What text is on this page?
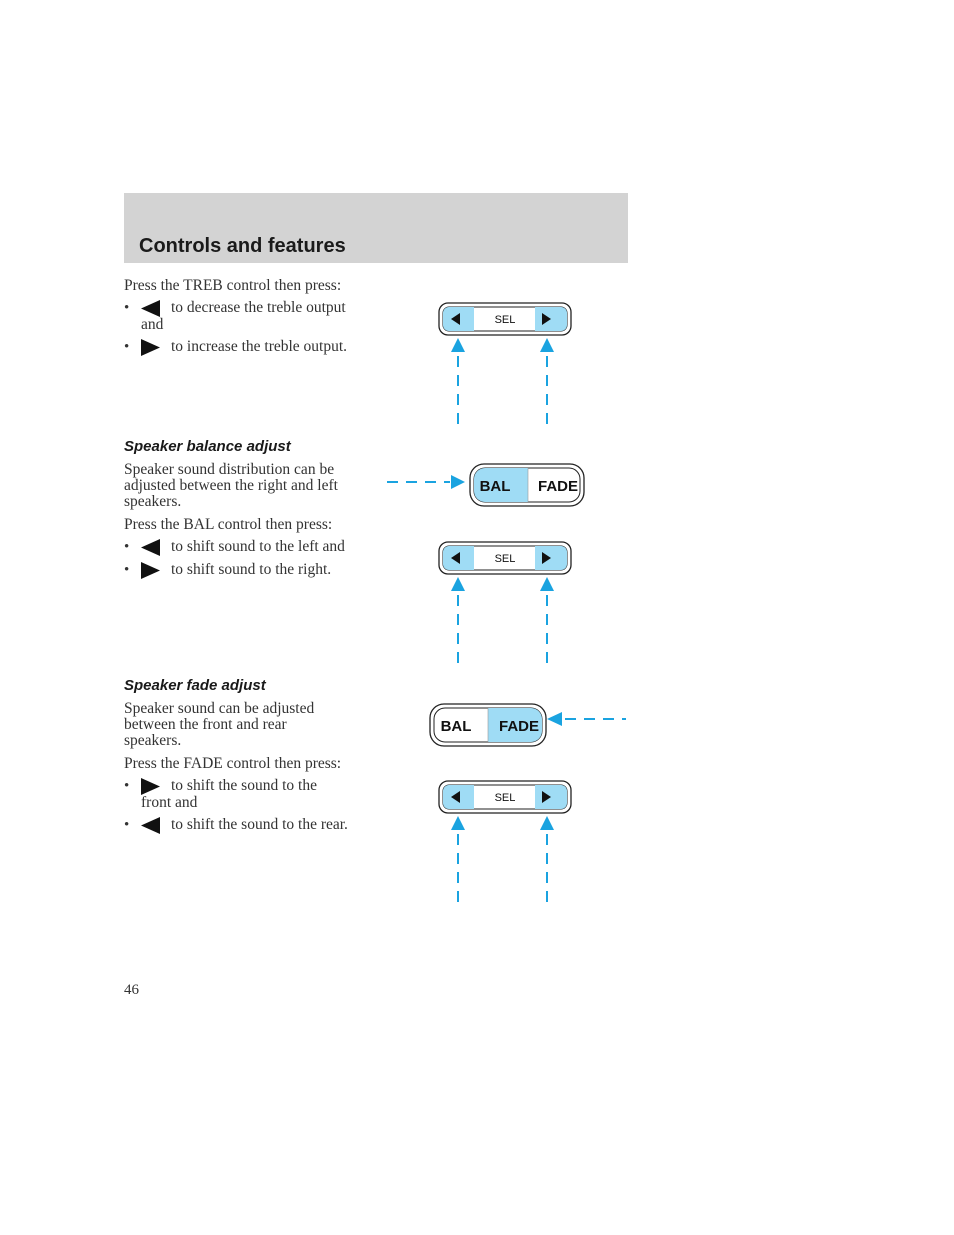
Controls and features
Press the TREB control then press:
•	to decrease the treble output
and
•	to increase the treble output.
SEL
Speaker balance adjust
Speaker sound distribution can be
adjusted between the right and left
speakers.
Press the BAL control then press:
•	to shift sound to the left and
•	to shift sound to the right.
BAL FADE
SEL
Speaker fade adjust
Speaker sound can be adjusted
between the front and rear
speakers.
Press the FADE control then press:
•	to shift the sound to the
front and
•	to shift the sound to the rear.
BAL FADE
SEL
46
